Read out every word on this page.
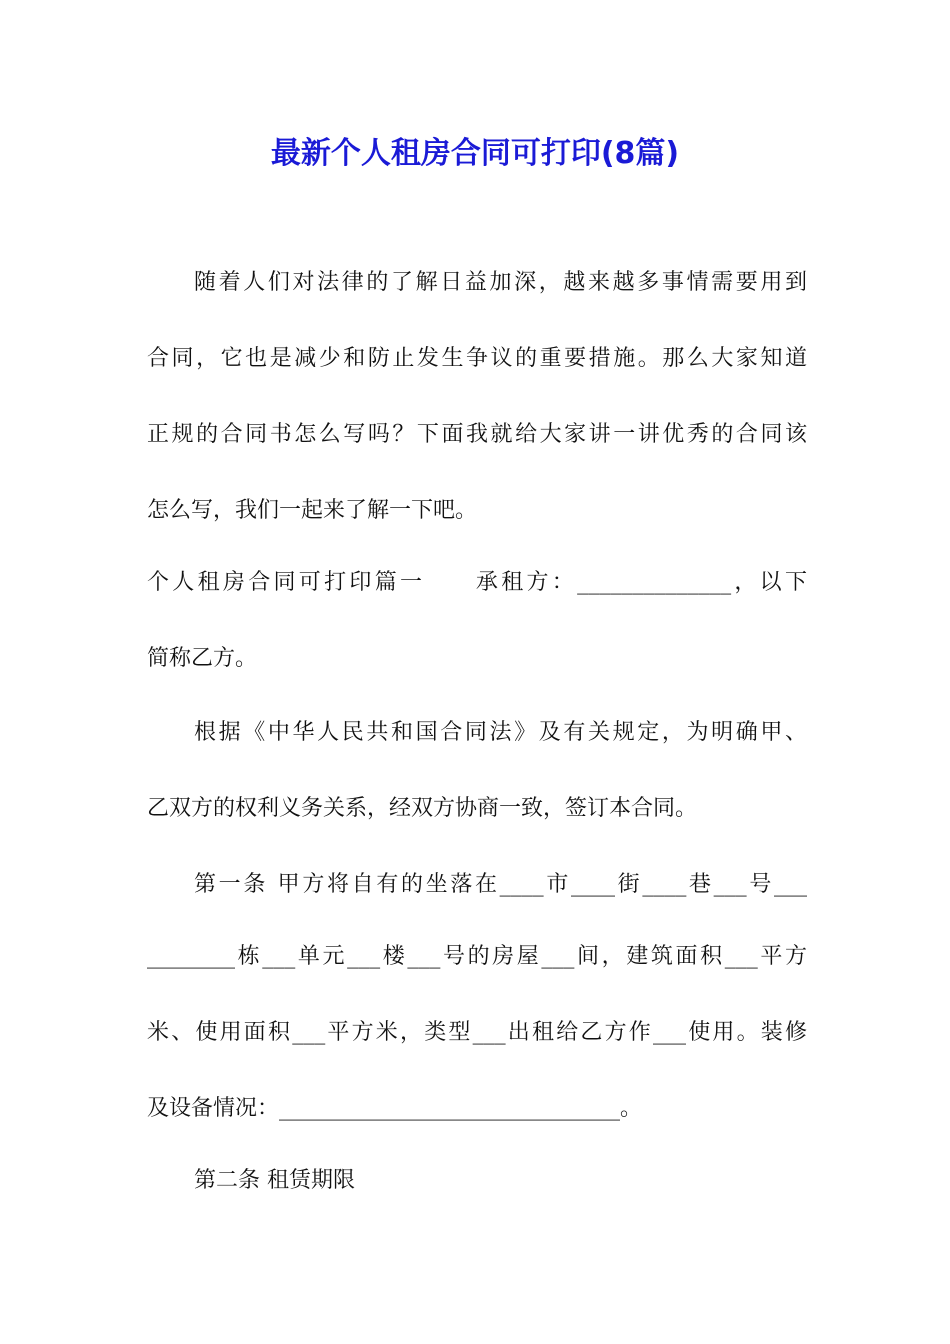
最新个人租房合同可打印(8篇)
随着人们对法律的了解日益加深，越来越多事情需要用到
合同，它也是减少和防止发生争议的重要措施。那么大家知道
正规的合同书怎么写吗？下面我就给大家讲一讲优秀的合同该
怎么写，我们一起来了解一下吧。
个人租房合同可打印篇一　　承租方：______________，以下
简称乙方。
根据《中华人民共和国合同法》及有关规定，为明确甲、
乙双方的权利义务关系，经双方协商一致，签订本合同。
第一条 甲方将自有的坐落在____市____街____巷___号___
________栋___单元___楼___号的房屋___间，建筑面积___平方
米、使用面积___平方米，类型___出租给乙方作___使用。装修
及设备情况：_______________________________。
第二条 租赁期限
